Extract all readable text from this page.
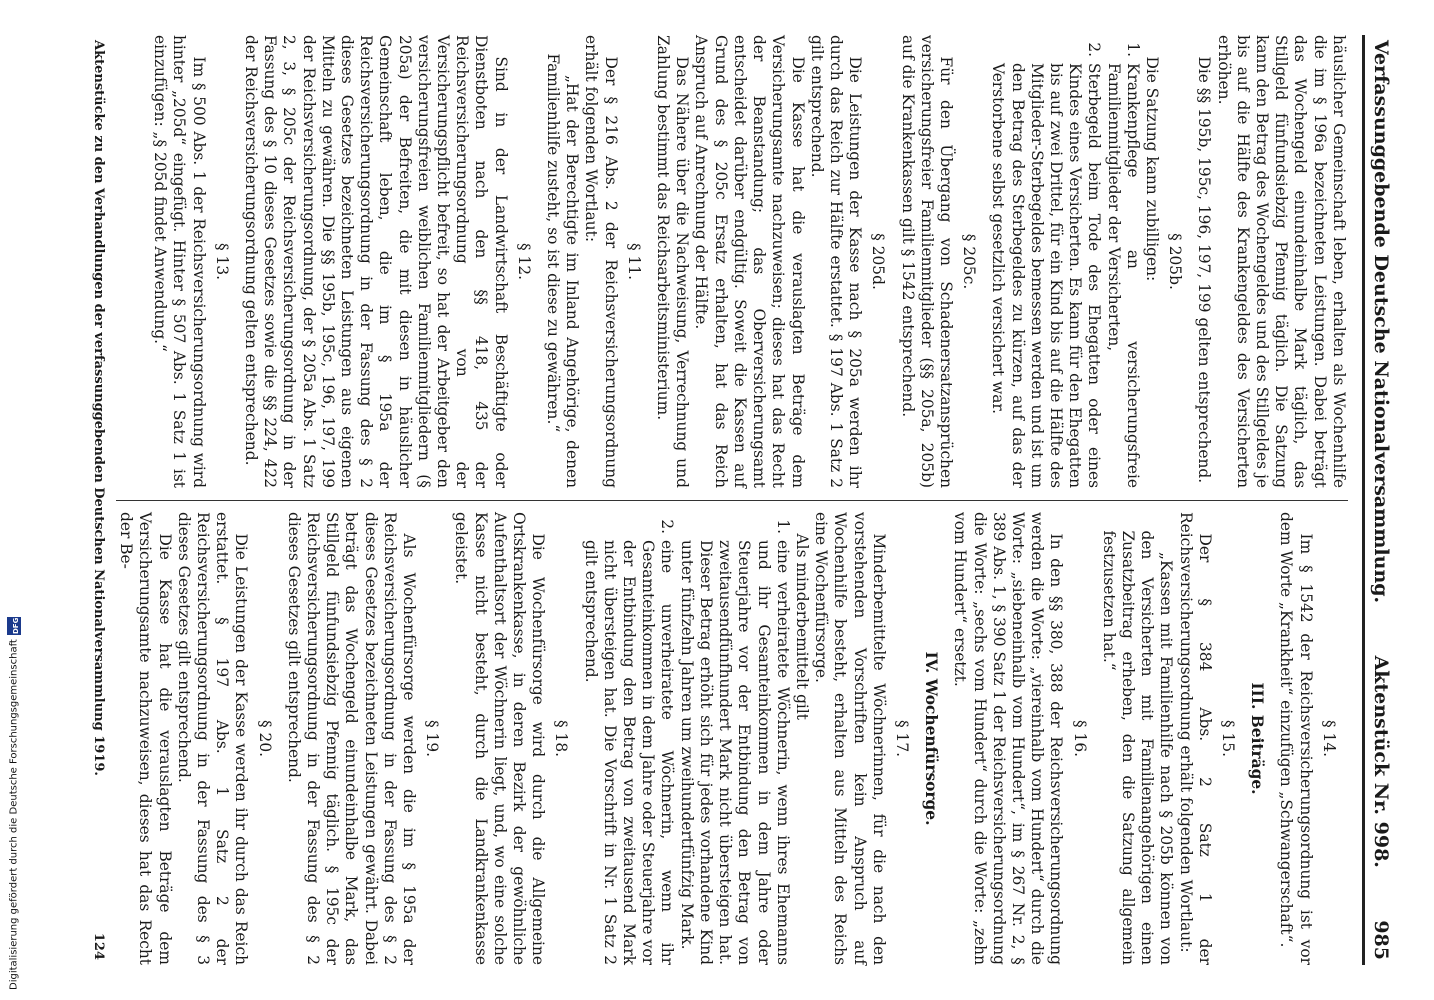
Verfassunggebende Deutsche Nationalversammlung.
Aktenstück Nr. 998.
985

häuslicher Gemeinschaft leben, erhalten als Wochenhilfe die im § 196a bezeichneten Leistungen. Dabei beträgt das Wochengeld einundeinhalbe Mark täglich, das Stillgeld fünfundsiebzig Pfennig täglich. Die Satzung kann den Betrag des Wochengeldes und des Stillgeldes je bis auf die Hälfte des Krankengeldes des Versicherten erhöhen.

Die §§ 195b, 195c, 196, 197, 199 gelten entsprechend.

§ 205b.

Die Satzung kann zubilligen:

1.
Krankenpflege an versicherungsfreie Familienmitglieder der Versicherten,
2.
Sterbegeld beim Tode des Ehegatten oder eines Kindes eines Versicherten. Es kann für den Ehegatten bis auf zwei Drittel, für ein Kind bis auf die Hälfte des Mitglieder-Sterbegeldes bemessen werden und ist um den Betrag des Sterbegeldes zu kürzen, auf das der Verstorbene selbst gesetzlich versichert war.
§ 205c.

Für den Übergang von Schadenersatzansprüchen versicherungsfreier Familienmitglieder (§§ 205a, 205b) auf die Krankenkassen gilt § 1542 entsprechend.

§ 205d.

Die Leistungen der Kasse nach § 205a werden ihr durch das Reich zur Hälfte erstattet. § 197 Abs. 1 Satz 2 gilt entsprechend.

Die Kasse hat die verauslagten Beträge dem Versicherungsamte nachzuweisen; dieses hat das Recht der Beanstandung; das Oberversicherungsamt entscheidet darüber endgültig. Soweit die Kassen auf Grund des § 205c Ersatz erhalten, hat das Reich Anspruch auf Anrechnung der Hälfte.

Das Nähere über die Nachweisung, Verrechnung und Zahlung bestimmt das Reichsarbeitsministerium.

§ 11.

Der § 216 Abs. 2 der Reichsversicherungsordnung erhält folgenden Wortlaut:

„Hat der Berechtigte im Inland Angehörige, denen Familienhilfe zusteht, so ist diese zu gewähren.“

§ 12.

Sind in der Landwirtschaft Beschäftigte oder Dienstboten nach den §§ 418, 435 der Reichsversicherungsordnung von der Versicherungspflicht befreit, so hat der Arbeitgeber den versicherungsfreien weiblichen Familienmitgliedern (§ 205a) der Befreiten, die mit diesen in häuslicher Gemeinschaft leben, die im § 195a der Reichsversicherungsordnung in der Fassung des § 2 dieses Gesetzes bezeichneten Leistungen aus eigenen Mitteln zu gewähren. Die §§ 195b, 195c, 196, 197, 199 der Reichsversicherungsordnung, der § 205a Abs. 1 Satz 2, 3, § 205c der Reichsversicherungsordnung in der Fassung des § 10 dieses Gesetzes sowie die §§ 224, 422 der Reichsversicherungsordnung gelten entsprechend.

§ 13.

Im § 500 Abs. 1 der Reichsversicherungsordnung wird hinter „205d“ eingefügt. Hinter § 507 Abs. 1 Satz 1 ist einzufügen: „§ 205d findet Anwendung.“

§ 14.

Im § 1542 der Reichsversicherungsordnung ist vor dem Worte „Krankheit“ einzufügen „Schwangerschaft“.

III. Beiträge.
§ 15.

Der § 384 Abs. 2 Satz 1 der Reichsversicherungsordnung erhält folgenden Wortlaut:

„Kassen mit Familienhilfe nach § 205b können von den Versicherten mit Familienangehörigen einen Zusatzbeitrag erheben, den die Satzung allgemein festzusetzen hat.“

§ 16.

In den §§ 380, 388 der Reichsversicherungsordnung werden die Worte: „viereinhalb vom Hundert“ durch die Worte: „siebeneinhalb vom Hundert“, im § 267 Nr. 2, § 389 Abs. 1, § 390 Satz 1 der Reichsversicherungsordnung die Worte: „sechs vom Hundert“ durch die Worte: „zehn vom Hundert“ ersetzt.

IV. Wochenfürsorge.
§ 17.

Minderbemittelte Wöchnerinnen, für die nach den vorstehenden Vorschriften kein Anspruch auf Wochenhilfe besteht, erhalten aus Mitteln des Reichs eine Wochenfürsorge.

Als minderbemittelt gilt

1.
eine verheiratete Wöchnerin, wenn ihres Ehemanns und ihr Gesamteinkommen in dem Jahre oder Steuerjahre vor der Entbindung den Betrag von zweitausendfünfhundert Mark nicht übersteigen hat. Dieser Betrag erhöht sich für jedes vorhandene Kind unter fünfzehn Jahren um zweihundertfünfzig Mark.
2.
eine unverheiratete Wöchnerin, wenn ihr Gesamteinkommen in dem Jahre oder Steuerjahre vor der Entbindung den Betrag von zweitausend Mark nicht übersteigen hat. Die Vorschrift in Nr. 1 Satz 2 gilt entsprechend.
§ 18.

Die Wochenfürsorge wird durch die Allgemeine Ortskrankenkasse, in deren Bezirk der gewöhnliche Aufenthaltsort der Wöchnerin liegt, und, wo eine solche Kasse nicht besteht, durch die Landkrankenkasse geleistet.

§ 19.

Als Wochenfürsorge werden die im § 195a der Reichsversicherungsordnung in der Fassung des § 2 dieses Gesetzes bezeichneten Leistungen gewährt. Dabei beträgt das Wochengeld einundeinhalbe Mark, das Stillgeld fünfundsiebzig Pfennig täglich. § 195c der Reichsversicherungsordnung in der Fassung des § 2 dieses Gesetzes gilt entsprechend.

§ 20.

Die Leistungen der Kasse werden ihr durch das Reich erstattet. § 197 Abs. 1 Satz 2 der Reichsversicherungsordnung in der Fassung des § 3 dieses Gesetzes gilt entsprechend.

Die Kasse hat die verauslagten Beträge dem Versicherungsamte nachzuweisen, dieses hat das Recht der Be-

Aktenstücke zu den Verhandlungen der verfassunggebenden Deutschen Nationalversammlung 1919.
124
Digitalisierung gefördert durch die Deutsche Forschungsgemeinschaft
DFG
